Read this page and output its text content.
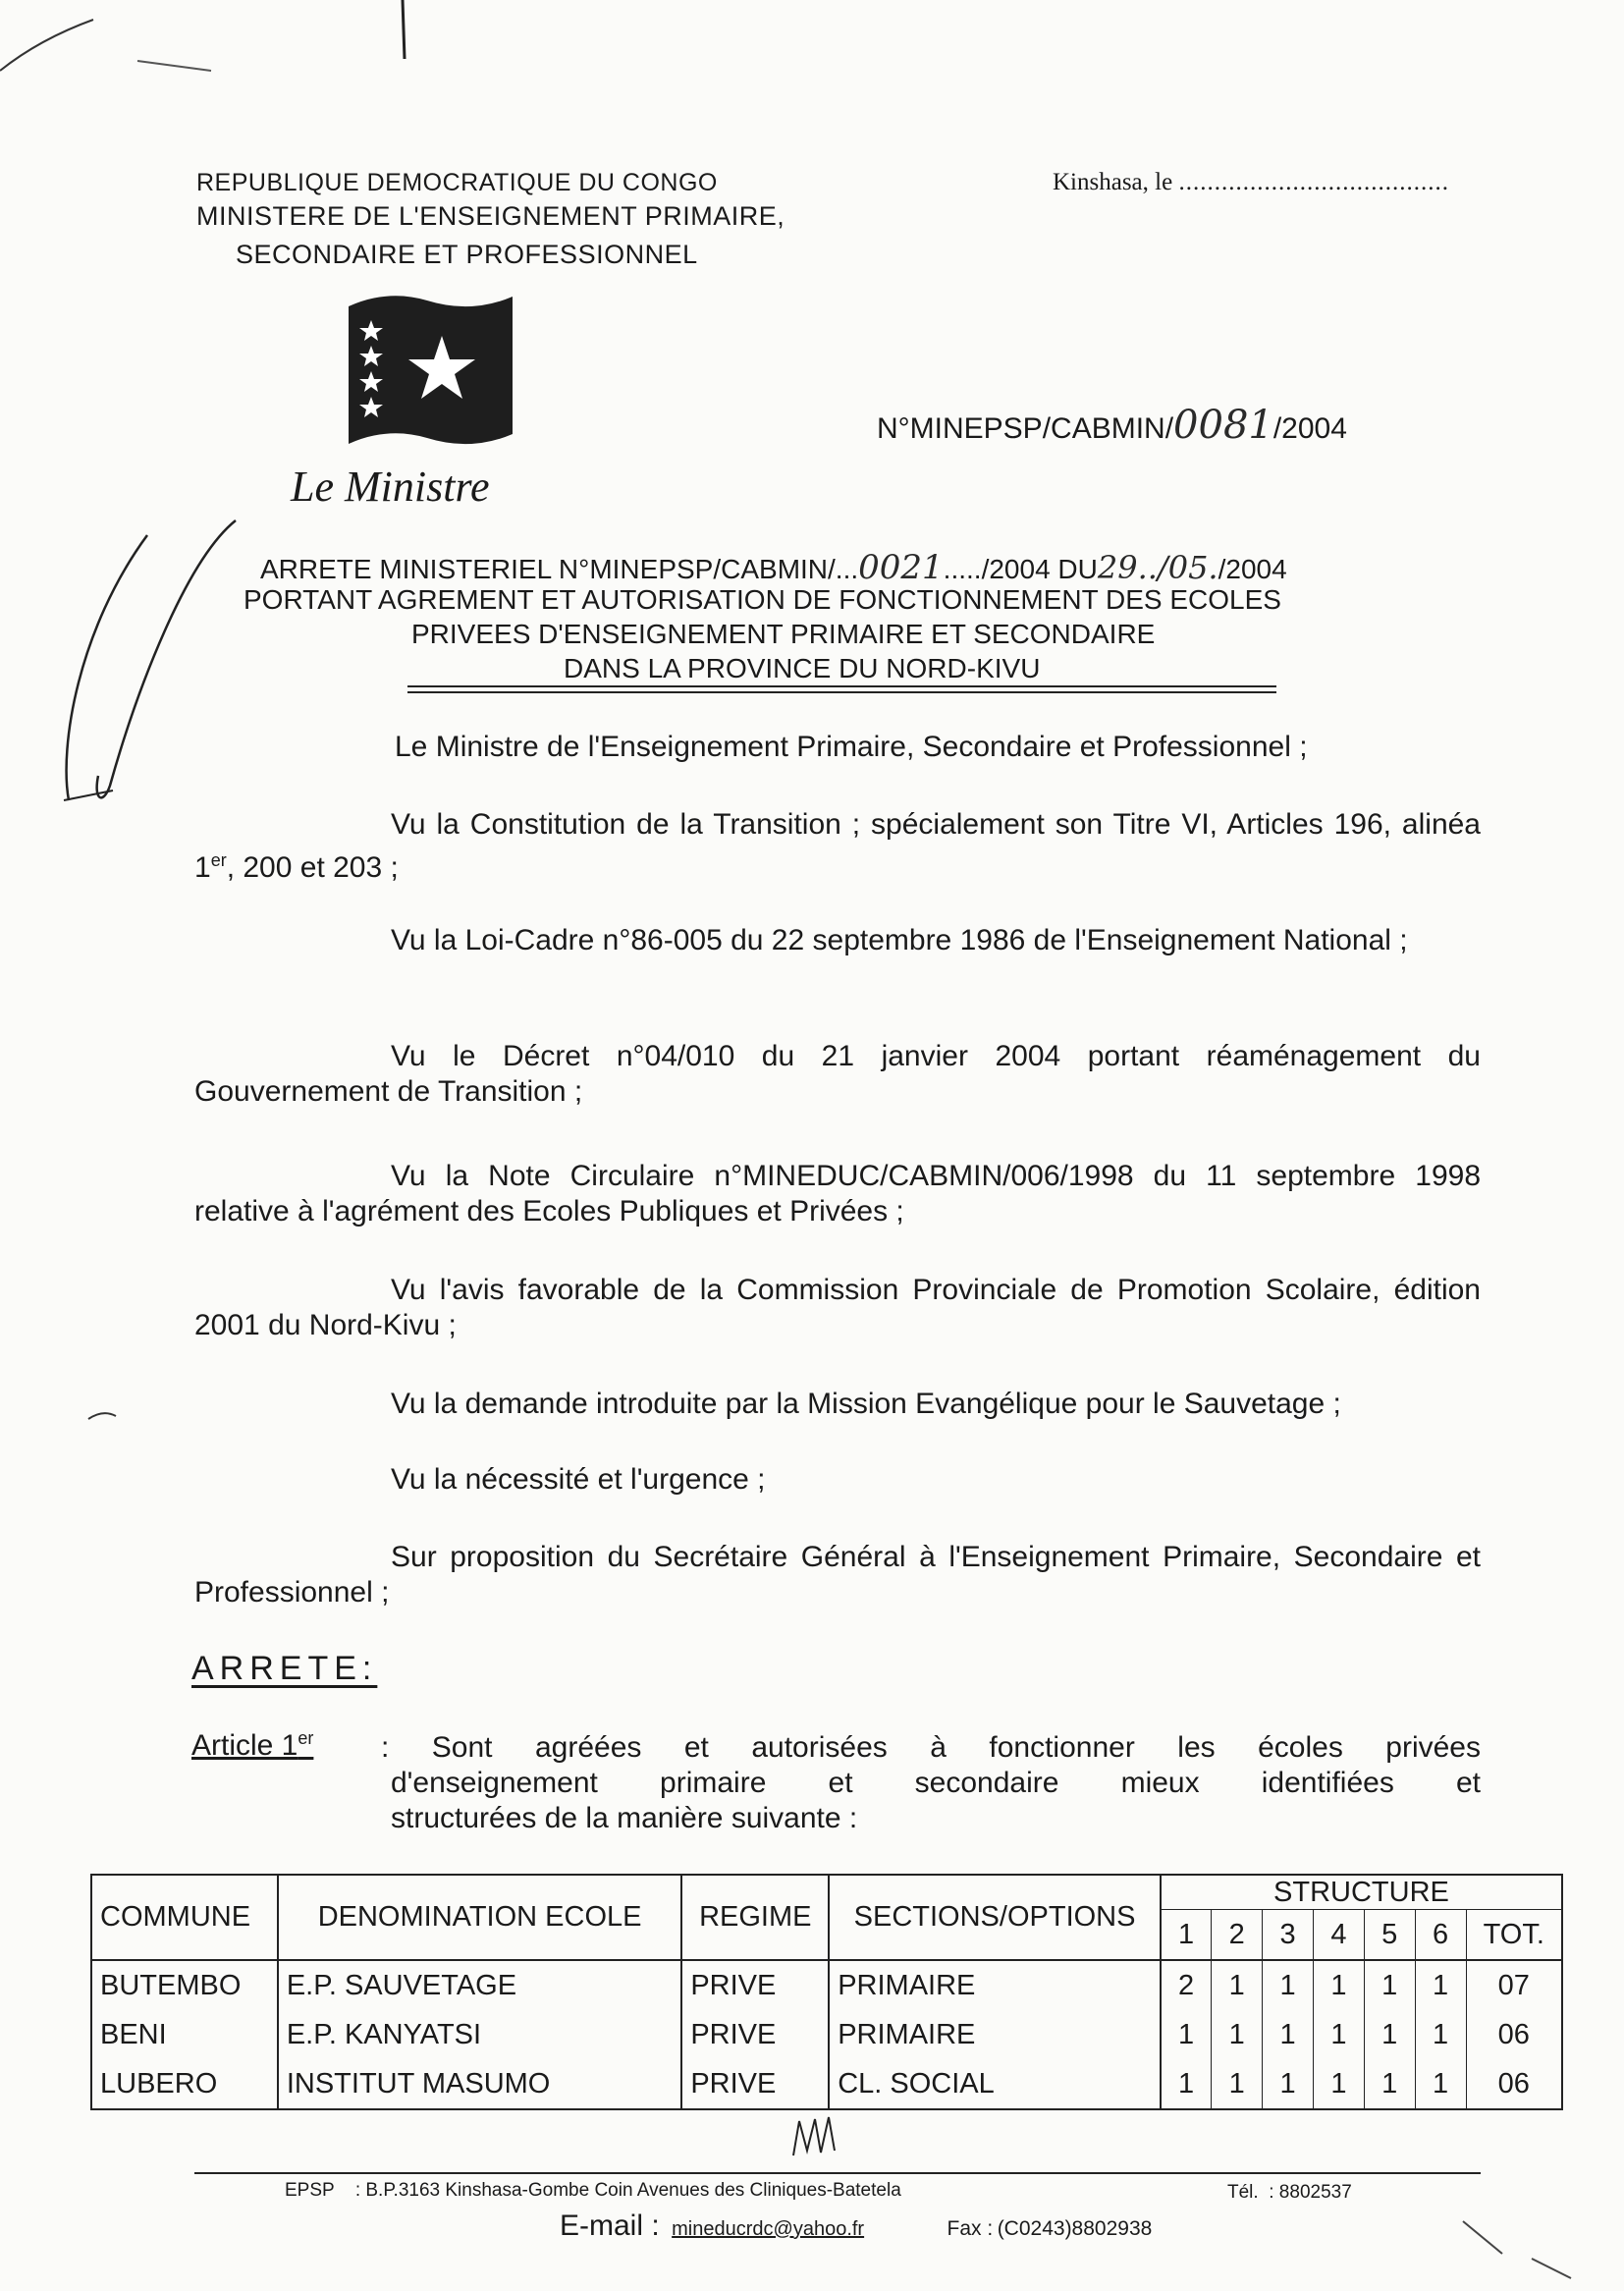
REPUBLIQUE DEMOCRATIQUE DU CONGO
MINISTERE DE L'ENSEIGNEMENT PRIMAIRE,
SECONDAIRE ET PROFESSIONNEL
Kinshasa, le ......................................
Le Ministre
N°MINEPSP/CABMIN/0081/2004
ARRETE MINISTERIEL N°MINEPSP/CABMIN/...0021...../2004 DU29../05./2004
PORTANT AGREMENT ET AUTORISATION DE FONCTIONNEMENT DES ECOLES
PRIVEES D'ENSEIGNEMENT PRIMAIRE ET SECONDAIRE
DANS LA PROVINCE DU NORD-KIVU
Le Ministre de l'Enseignement Primaire, Secondaire et Professionnel ;
Vu la Constitution de la Transition ; spécialement son Titre VI, Articles 196, alinéa 1er, 200 et 203 ;
Vu la Loi-Cadre n°86-005 du 22 septembre 1986 de l'Enseignement National ;
Vu le Décret n°04/010 du 21 janvier 2004 portant réaménagement du Gouvernement de Transition ;
Vu la Note Circulaire n°MINEDUC/CABMIN/006/1998 du 11 septembre 1998 relative à l'agrément des Ecoles Publiques et Privées ;
Vu l'avis favorable de la Commission Provinciale de Promotion Scolaire, édition 2001 du Nord-Kivu ;
Vu la demande introduite par la Mission Evangélique pour le Sauvetage ;
Vu la nécessité et l'urgence ;
Sur proposition du Secrétaire Général à l'Enseignement Primaire, Secondaire et Professionnel ;
ARRETE:
Article 1er : Sont agréées et autorisées à fonctionner les écoles privées
d'enseignement primaire et secondaire mieux identifiées et
structurées de la manière suivante :
COMMUNE	DENOMINATION ECOLE	REGIME	SECTIONS/OPTIONS	STRUCTURE						
				1	2	3	4	5	6	TOT.
BUTEMBO	E.P. SAUVETAGE	PRIVE	PRIMAIRE	2	1	1	1	1	1	07
BENI	E.P. KANYATSI	PRIVE	PRIMAIRE	1	1	1	1	1	1	06
LUBERO	INSTITUT MASUMO	PRIVE	CL. SOCIAL	1	1	1	1	1	1	06
EPSP : B.P.3163 Kinshasa-Gombe Coin Avenues des Cliniques-Batetela	Tél. : 8802537
E-mail : mineducrdc@yahoo.fr	Fax : (C0243)8802938
